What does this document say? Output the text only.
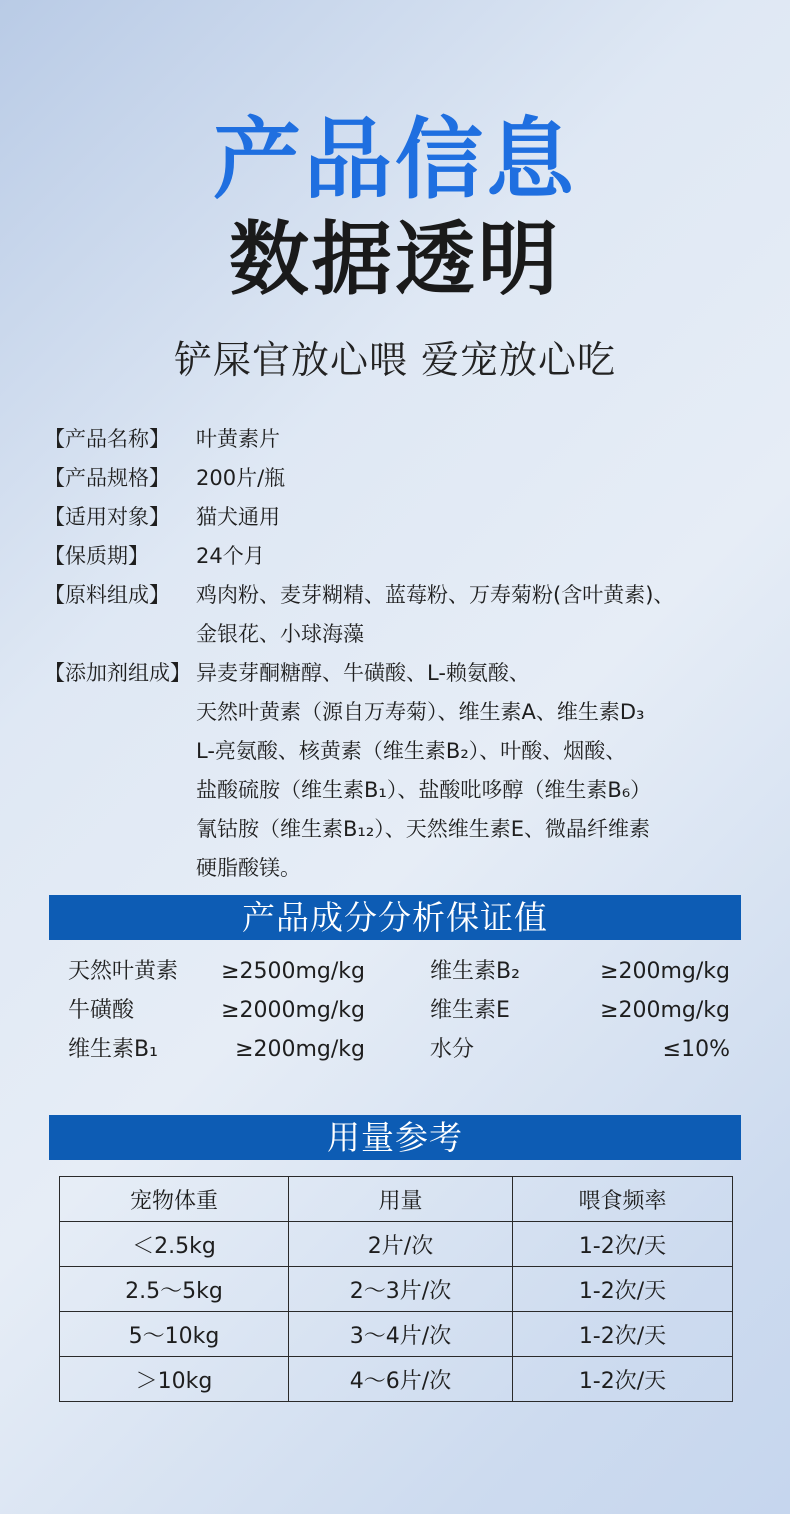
产品信息
数据透明
铲屎官放心喂 爱宠放心吃
【产品名称】	叶黄素片
【产品规格】	200片/瓶
【适用对象】	猫犬通用
【保质期】	24个月
【原料组成】	鸡肉粉、麦芽糊精、蓝莓粉、万寿菊粉(含叶黄素)、
金银花、小球海藻
【添加剂组成】 异麦芽酮糖醇、牛磺酸、L-赖氨酸、
天然叶黄素（源自万寿菊）、维生素A、维生素D₃
L-亮氨酸、核黄素（维生素B₂）、叶酸、烟酸、
盐酸硫胺（维生素B₁）、盐酸吡哆醇（维生素B₆）
氰钴胺（维生素B₁₂）、天然维生素E、微晶纤维素
硬脂酸镁。
产品成分分析保证值
天然叶黄素	≥2500mg/kg	维生素B₂	≥200mg/kg
牛磺酸	≥2000mg/kg	维生素E	≥200mg/kg
维生素B₁	≥200mg/kg	水分	≤10%
用量参考
宠物体重	用量	喂食频率
＜2.5kg	2片/次	1-2次/天
2.5～5kg	2～3片/次	1-2次/天
5～10kg	3～4片/次	1-2次/天
＞10kg	4～6片/次	1-2次/天
